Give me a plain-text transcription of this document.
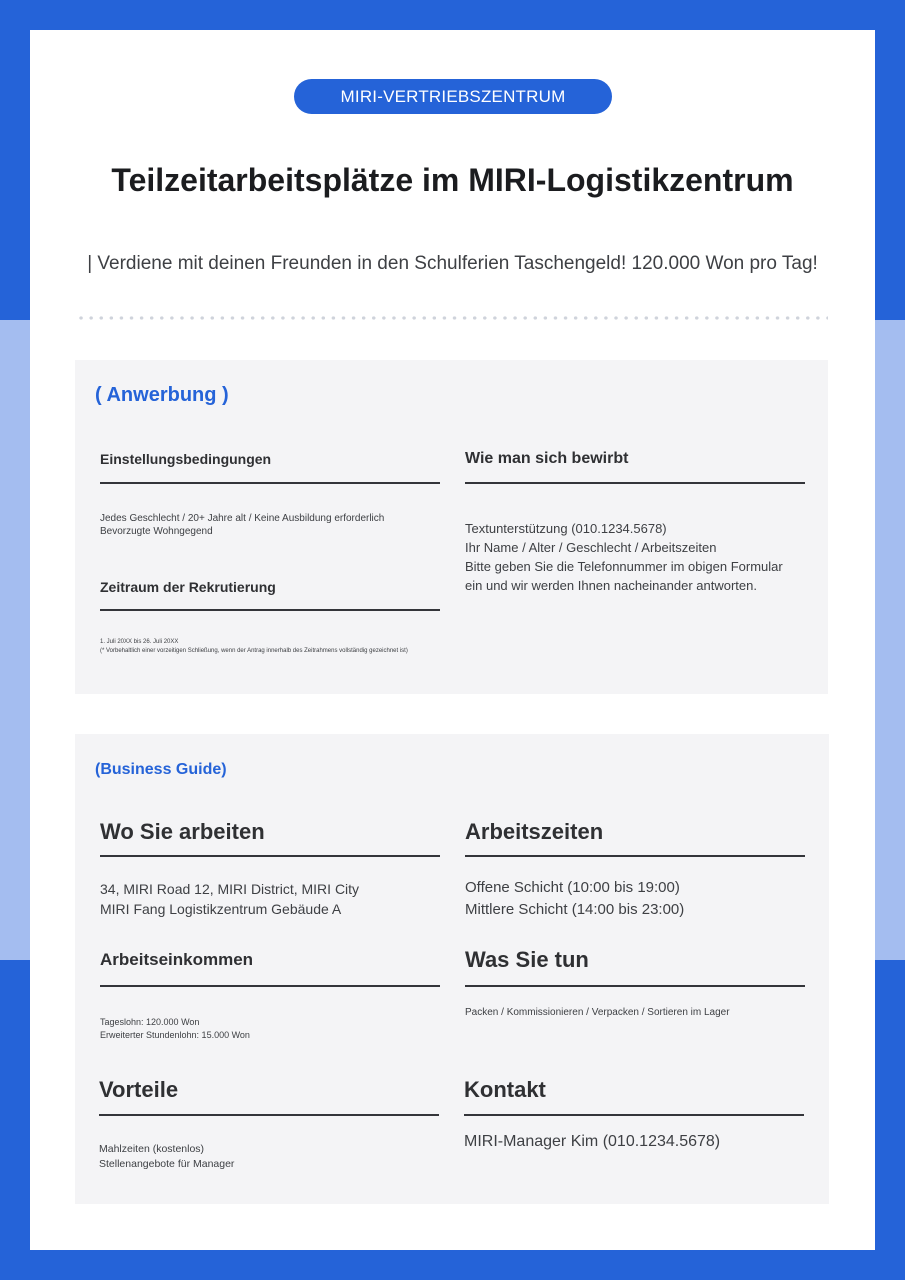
MIRI-VERTRIEBSZENTRUM
Teilzeitarbeitsplätze im MIRI-Logistikzentrum
| Verdiene mit deinen Freunden in den Schulferien Taschengeld! 120.000 Won pro Tag!
( Anwerbung )
Einstellungsbedingungen
Jedes Geschlecht / 20+ Jahre alt / Keine Ausbildung erforderlich
Bevorzugte Wohngegend
Zeitraum der Rekrutierung
1. Juli 20XX bis 26. Juli 20XX
(* Vorbehaltlich einer vorzeitigen Schließung, wenn der Antrag innerhalb des Zeitrahmens vollständig gezeichnet ist)
Wie man sich bewirbt
Textunterstützung (010.1234.5678)
Ihr Name / Alter / Geschlecht / Arbeitszeiten
Bitte geben Sie die Telefonnummer im obigen Formular
ein und wir werden Ihnen nacheinander antworten.
(Business Guide)
Wo Sie arbeiten
34, MIRI Road 12, MIRI District, MIRI City
MIRI Fang Logistikzentrum Gebäude A
Arbeitszeiten
Offene Schicht (10:00 bis 19:00)
Mittlere Schicht (14:00 bis 23:00)
Arbeitseinkommen
Tageslohn: 120.000 Won
Erweiterter Stundenlohn: 15.000 Won
Was Sie tun
Packen / Kommissionieren / Verpacken / Sortieren im Lager
Vorteile
Mahlzeiten (kostenlos)
Stellenangebote für Manager
Kontakt
MIRI-Manager Kim (010.1234.5678)
